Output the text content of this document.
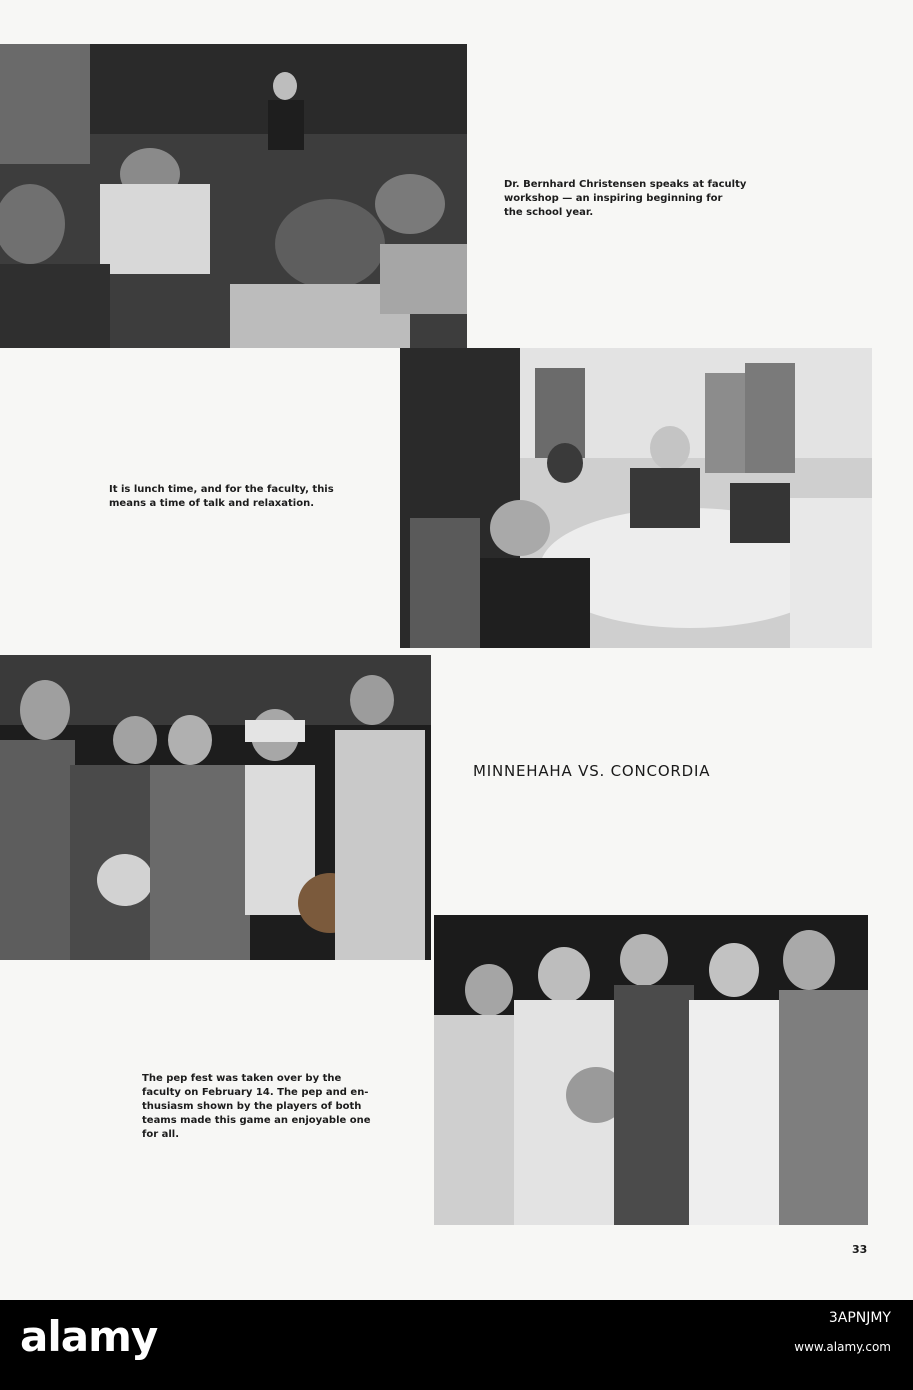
Dr. Bernhard Christensen speaks at faculty
workshop — an inspiring beginning for
the school year.
It is lunch time, and for the faculty, this
means a time of talk and relaxation.
MINNEHAHA VS. CONCORDIA
The pep fest was taken over by the
faculty on February 14. The pep and en-
thusiasm shown by the players of both
teams made this game an enjoyable one
for all.
33
alamy	3APNJMY
www.alamy.com
